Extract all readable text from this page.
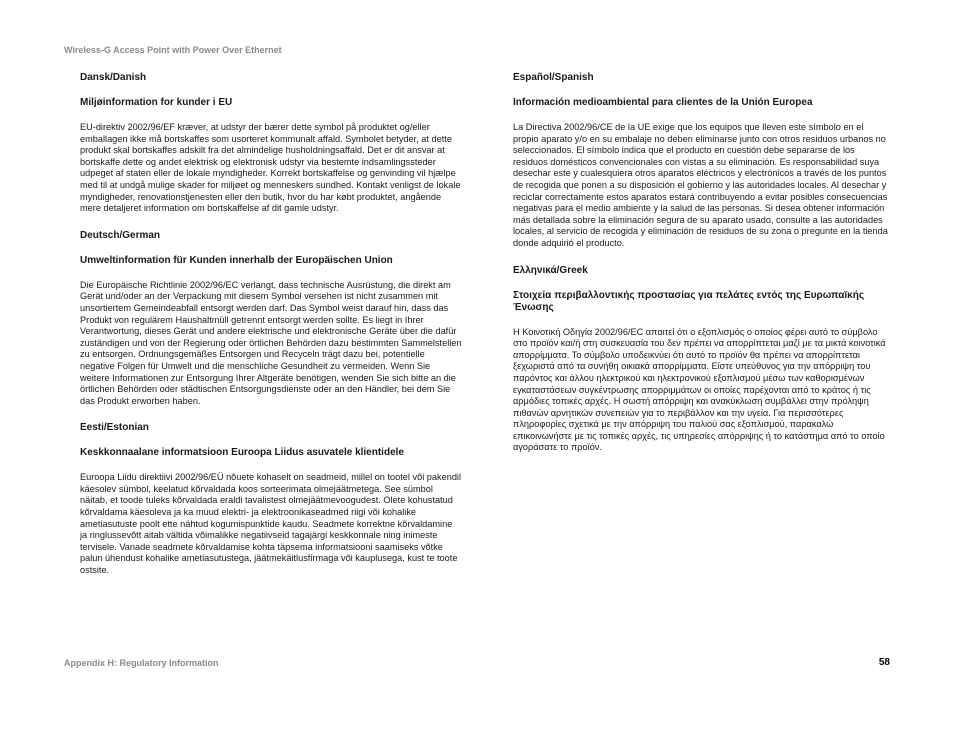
Wireless-G Access Point with Power Over Ethernet

Dansk/Danish

Miljøinformation for kunder i EU

EU-direktiv 2002/96/EF kræver, at udstyr der bærer dette symbol på produktet og/eller emballagen ikke må bortskaffes som usorteret kommunalt affald. Symbolet betyder, at dette produkt skal bortskaffes adskilt fra det almindelige husholdningsaffald. Det er dit ansvar at bortskaffe dette og andet elektrisk og elektronisk udstyr via bestemte indsamlingssteder udpeget af staten eller de lokale myndigheder. Korrekt bortskaffelse og genvinding vil hjælpe med til at undgå mulige skader for miljøet og menneskers sundhed. Kontakt venligst de lokale myndigheder, renovationstjenesten eller den butik, hvor du har købt produktet, angående mere detaljeret information om bortskaffelse af dit gamle udstyr.

Deutsch/German

Umweltinformation für Kunden innerhalb der Europäischen Union

Die Europäische Richtlinie 2002/96/EC verlangt, dass technische Ausrüstung, die direkt am Gerät und/oder an der Verpackung mit diesem Symbol versehen ist nicht zusammen mit unsortiertem Gemeindeabfall entsorgt werden darf. Das Symbol weist darauf hin, dass das Produkt von regulärem Haushaltmüll getrennt entsorgt werden sollte. Es liegt in Ihrer Verantwortung, dieses Gerät und andere elektrische und elektronische Geräte über die dafür zuständigen und von der Regierung oder örtlichen Behörden dazu bestimmten Sammelstellen zu entsorgen. Ordnungsgemäßes Entsorgen und Recyceln trägt dazu bei, potentielle negative Folgen für Umwelt und die menschliche Gesundheit zu vermeiden. Wenn Sie weitere Informationen zur Entsorgung Ihrer Altgeräte benötigen, wenden Sie sich bitte an die örtlichen Behörden oder städtischen Entsorgungsdienste oder an den Händler, bei dem Sie das Produkt erworben haben.

Eesti/Estonian

Keskkonnaalane informatsioon Euroopa Liidus asuvatele klientidele

Euroopa Liidu direktiivi 2002/96/EÜ nõuete kohaselt on seadmeid, millel on tootel või pakendil käesolev sümbol, keelatud kõrvaldada koos sorteerimata olmejäätmetega. See sümbol näitab, et toode tuleks kõrvaldada eraldi tavalistest olmejäätmevoogudest. Olete kohustatud kõrvaldama käesoleva ja ka muud elektri- ja elektroonikaseadmed riigi või kohalike ametiasutuste poolt ette nähtud kogumispunktide kaudu. Seadmete korrektne kõrvaldamine ja ringlussevõtt aitab vältida võimalikke negatiivseid tagajärgi keskkonnale ning inimeste tervisele. Vanade seadmete kõrvaldamise kohta täpsema informatsiooni saamiseks võtke palun ühendust kohalike ametiasutustega, jäätmekäitlusfirmaga või kauplusega, kust te toote ostsite.

Español/Spanish

Información medioambiental para clientes de la Unión Europea

La Directiva 2002/96/CE de la UE exige que los equipos que lleven este símbolo en el propio aparato y/o en su embalaje no deben eliminarse junto con otros residuos urbanos no seleccionados. El símbolo indica que el producto en cuestión debe separarse de los residuos domésticos convencionales con vistas a su eliminación. Es responsabilidad suya desechar este y cualesquiera otros aparatos eléctricos y electrónicos a través de los puntos de recogida que ponen a su disposición el gobierno y las autoridades locales. Al desechar y reciclar correctamente estos aparatos estará contribuyendo a evitar posibles consecuencias negativas para el medio ambiente y la salud de las personas. Si desea obtener información más detallada sobre la eliminación segura de su aparato usado, consulte a las autoridades locales, al servicio de recogida y eliminación de residuos de su zona o pregunte en la tienda donde adquirió el producto.

Ελληνικά/Greek

Στοιχεία περιβαλλοντικής προστασίας για πελάτες εντός της Ευρωπαϊκής Ένωσης

Η Κοινοτική Οδηγία 2002/96/EC απαιτεί ότι ο εξοπλισμός ο οποίος φέρει αυτό το σύμβολο στο προϊόν και/ή στη συσκευασία του δεν πρέπει να απορρίπτεται μαζί με τα μικτά κοινοτικά απορρίμματα. Το σύμβολο υποδεικνύει ότι αυτό το προϊόν θα πρέπει να απορρίπτεται ξεχωριστά από τα συνήθη οικιακά απορρίμματα. Είστε υπεύθυνος για την απόρριψη του παρόντος και άλλου ηλεκτρικού και ηλεκτρονικού εξοπλισμού μέσω των καθορισμένων εγκαταστάσεων συγκέντρωσης απορριμμάτων οι οποίες παρέχονται από το κράτος ή τις αρμόδιες τοπικές αρχές. Η σωστή απόρριψη και ανακύκλωση συμβάλλει στην πρόληψη πιθανών αρνητικών συνεπειών για το περιβάλλον και την υγεία. Για περισσότερες πληροφορίες σχετικά με την απόρριψη του παλιού σας εξοπλισμού, παρακαλώ επικοινωνήστε με τις τοπικές αρχές, τις υπηρεσίες απόρριψης ή το κατάστημα από το οποίο αγοράσατε το προϊόν.

Appendix H: Regulatory Information	58
